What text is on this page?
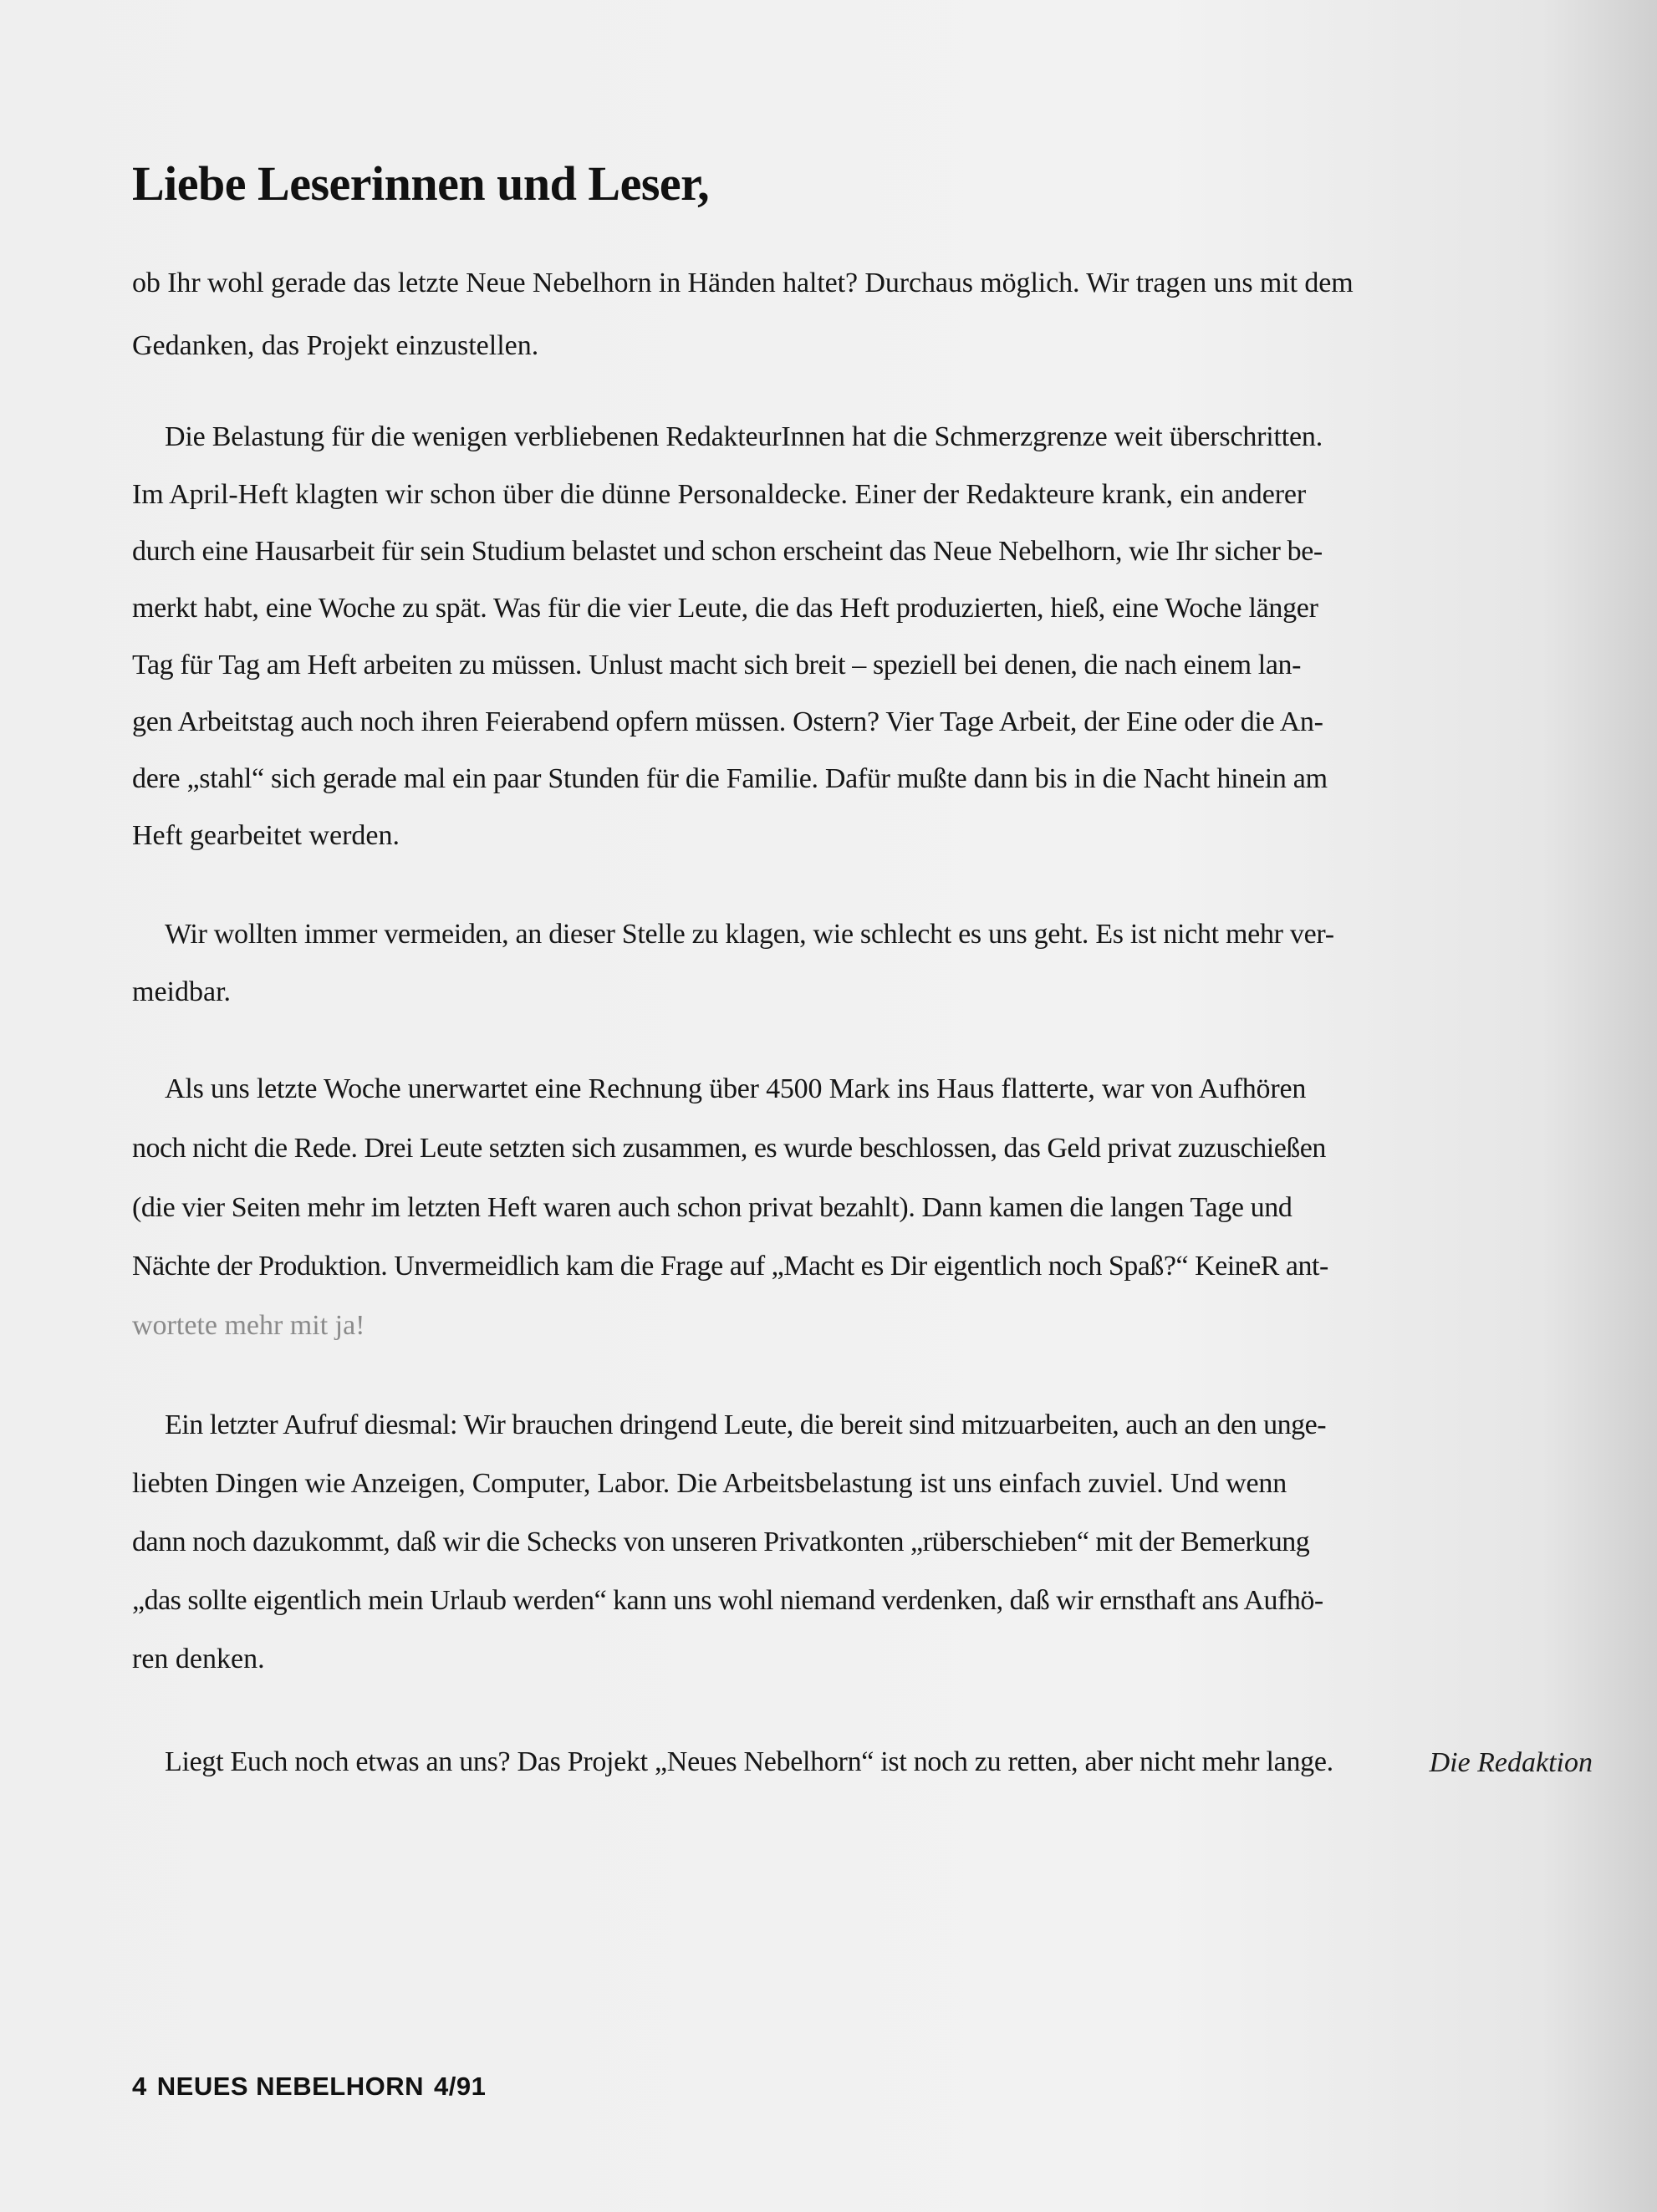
Liebe Leserinnen und Leser,

ob Ihr wohl gerade das letzte Neue Nebelhorn in Händen haltet? Durchaus möglich. Wir tragen uns mit dem

Gedanken, das Projekt einzustellen.

Die Belastung für die wenigen verbliebenen RedakteurInnen hat die Schmerzgrenze weit überschritten.

Im April-Heft klagten wir schon über die dünne Personaldecke. Einer der Redakteure krank, ein anderer

durch eine Hausarbeit für sein Studium belastet und schon erscheint das Neue Nebelhorn, wie Ihr sicher be-

merkt habt, eine Woche zu spät. Was für die vier Leute, die das Heft produzierten, hieß, eine Woche länger

Tag für Tag am Heft arbeiten zu müssen. Unlust macht sich breit – speziell bei denen, die nach einem lan-

gen Arbeitstag auch noch ihren Feierabend opfern müssen. Ostern? Vier Tage Arbeit, der Eine oder die An-

dere „stahl“ sich gerade mal ein paar Stunden für die Familie. Dafür mußte dann bis in die Nacht hinein am

Heft gearbeitet werden.

Wir wollten immer vermeiden, an dieser Stelle zu klagen, wie schlecht es uns geht. Es ist nicht mehr ver-

meidbar.

Als uns letzte Woche unerwartet eine Rechnung über 4500 Mark ins Haus flatterte, war von Aufhören

noch nicht die Rede. Drei Leute setzten sich zusammen, es wurde beschlossen, das Geld privat zuzuschießen

(die vier Seiten mehr im letzten Heft waren auch schon privat bezahlt). Dann kamen die langen Tage und

Nächte der Produktion. Unvermeidlich kam die Frage auf „Macht es Dir eigentlich noch Spaß?“ KeineR ant-

wortete mehr mit ja!

Ein letzter Aufruf diesmal: Wir brauchen dringend Leute, die bereit sind mitzuarbeiten, auch an den unge-

liebten Dingen wie Anzeigen, Computer, Labor. Die Arbeitsbelastung ist uns einfach zuviel. Und wenn

dann noch dazukommt, daß wir die Schecks von unseren Privatkonten „rüberschieben“ mit der Bemerkung

„das sollte eigentlich mein Urlaub werden“ kann uns wohl niemand verdenken, daß wir ernsthaft ans Aufhö-

ren denken.

Liegt Euch noch etwas an uns? Das Projekt „Neues Nebelhorn“ ist noch zu retten, aber nicht mehr lange.	Die Redaktion

4 NEUES NEBELHORN 4/91
